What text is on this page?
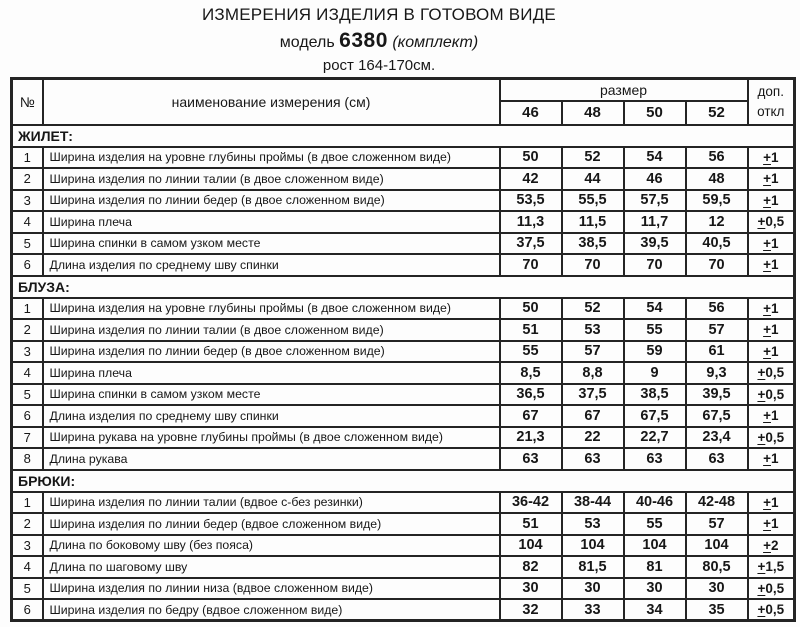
ИЗМЕРЕНИЯ ИЗДЕЛИЯ В ГОТОВОМ ВИДЕ
модель 6380 (комплект)
рост 164-170см.
№	наименование измерения (см)	размер				доп.
откл
		46	48	50	52	
ЖИЛЕТ:						
1	Ширина изделия на уровне глубины проймы (в двое сложенном виде)	50	52	54	56	+1
2	Ширина изделия по линии талии (в двое сложенном виде)	42	44	46	48	+1
3	Ширина изделия по линии бедер (в двое сложенном виде)	53,5	55,5	57,5	59,5	+1
4	Ширина плеча	11,3	11,5	11,7	12	+0,5
5	Ширина спинки в самом узком месте	37,5	38,5	39,5	40,5	+1
6	Длина изделия по среднему шву спинки	70	70	70	70	+1
БЛУЗА:						
1	Ширина изделия на уровне глубины проймы (в двое сложенном виде)	50	52	54	56	+1
2	Ширина изделия по линии талии (в двое сложенном виде)	51	53	55	57	+1
3	Ширина изделия по линии бедер (в двое сложенном виде)	55	57	59	61	+1
4	Ширина плеча	8,5	8,8	9	9,3	+0,5
5	Ширина спинки в самом узком месте	36,5	37,5	38,5	39,5	+0,5
6	Длина изделия по среднему шву спинки	67	67	67,5	67,5	+1
7	Ширина рукава на уровне глубины проймы (в двое сложенном виде)	21,3	22	22,7	23,4	+0,5
8	Длина рукава	63	63	63	63	+1
БРЮКИ:						
1	Ширина изделия по линии талии (вдвое с-без резинки)	36-42	38-44	40-46	42-48	+1
2	Ширина изделия по линии бедер (вдвое сложенном виде)	51	53	55	57	+1
3	Длина по боковому шву (без пояса)	104	104	104	104	+2
4	Длина по шаговому шву	82	81,5	81	80,5	+1,5
5	Ширина изделия по линии низа (вдвое сложенном виде)	30	30	30	30	+0,5
6	Ширина изделия по бедру (вдвое сложенном виде)	32	33	34	35	+0,5
